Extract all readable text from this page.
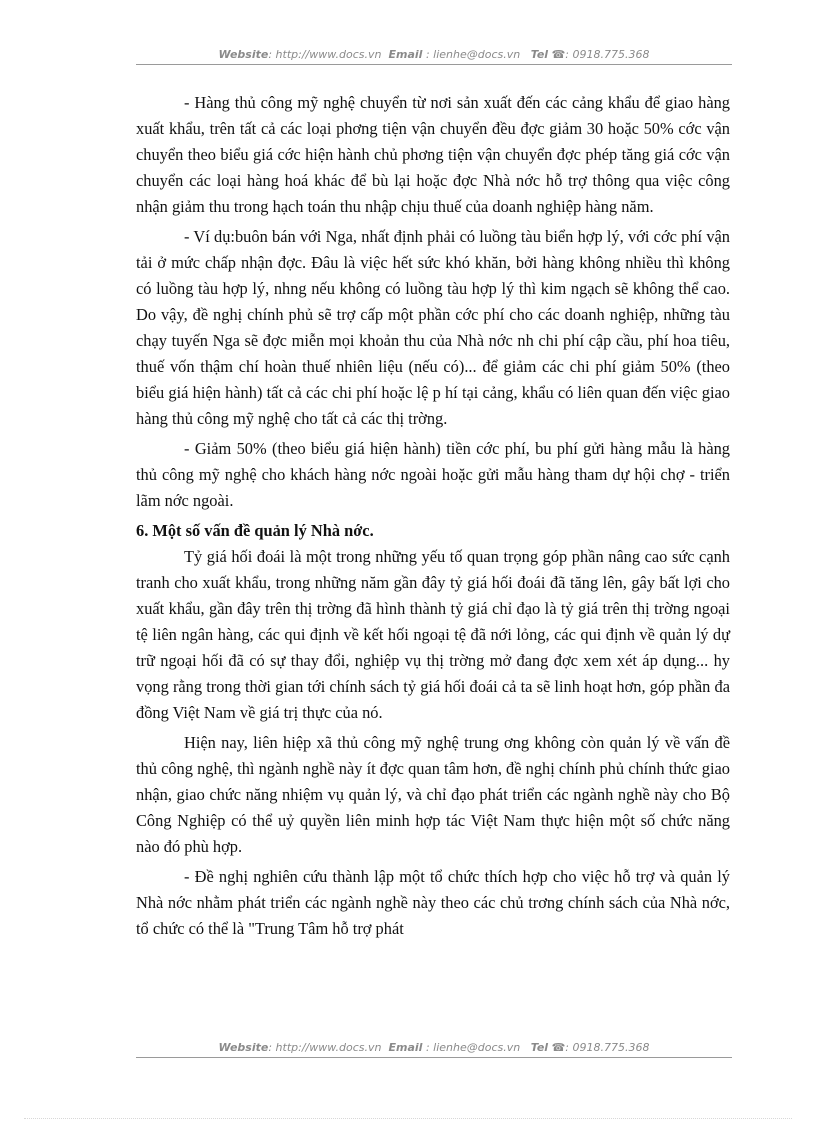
Website: http://www.docs.vn Email : lienhe@docs.vn Tel ☎: 0918.775.368

- Hàng thủ công mỹ nghệ chuyển từ nơi sản xuất đến các cảng khẩu để giao hàng xuất khẩu, trên tất cả các loại phơng tiện vận chuyển đều đợc giảm 30 hoặc 50% cớc vận chuyển theo biểu giá cớc hiện hành chủ phơng tiện vận chuyển đợc phép tăng giá cớc vận chuyển các loại hàng hoá khác để bù lại hoặc đợc Nhà nớc hỗ trợ thông qua việc công nhận giảm thu trong hạch toán thu nhập chịu thuế của doanh nghiệp hàng năm.

- Ví dụ:buôn bán với Nga, nhất định phải có luồng tàu biển hợp lý, với cớc phí vận tải ở mức chấp nhận đợc. Đâu là việc hết sức khó khăn, bởi hàng không nhiều thì không có luồng tàu hợp lý, nhng nếu không có luồng tàu hợp lý thì kim ngạch sẽ không thể cao. Do vậy, đề nghị chính phủ sẽ trợ cấp một phần cớc phí cho các doanh nghiệp, những tàu chạy tuyến Nga sẽ đợc miễn mọi khoản thu của Nhà nớc nh chi phí cập cầu, phí hoa tiêu, thuế vốn thậm chí hoàn thuế nhiên liệu (nếu có)... để giảm các chi phí giảm 50% (theo biểu giá hiện hành) tất cả các chi phí hoặc lệ p hí tại cảng, khẩu có liên quan đến việc giao hàng thủ công mỹ nghệ cho tất cả các thị trờng.

- Giảm 50% (theo biểu giá hiện hành) tiền cớc phí, bu phí gửi hàng mẫu là hàng thủ công mỹ nghệ cho khách hàng nớc ngoài hoặc gửi mẫu hàng tham dự hội chợ - triển lãm nớc ngoài.

6. Một số vấn đề quản lý Nhà nớc.

Tỷ giá hối đoái là một trong những yếu tố quan trọng góp phần nâng cao sức cạnh tranh cho xuất khẩu, trong những năm gần đây tỷ giá hối đoái đã tăng lên, gây bất lợi cho xuất khẩu, gần đây trên thị trờng đã hình thành tỷ giá chỉ đạo là tỷ giá trên thị trờng ngoại tệ liên ngân hàng, các qui định về kết hối ngoại tệ đã nới lỏng, các qui định về quản lý dự trữ ngoại hối đã có sự thay đổi, nghiệp vụ thị trờng mở đang đợc xem xét áp dụng... hy vọng rằng trong thời gian tới chính sách tỷ giá hối đoái cả ta sẽ linh hoạt hơn, góp phần đa đồng Việt Nam về giá trị thực của nó.

Hiện nay, liên hiệp xã thủ công mỹ nghệ trung ơng không còn quản lý về vấn đề thủ công nghệ, thì ngành nghề này ít đợc quan tâm hơn, đề nghị chính phủ chính thức giao nhận, giao chức năng nhiệm vụ quản lý, và chỉ đạo phát triển các ngành nghề này cho Bộ Công Nghiệp có thể uỷ quyền liên minh hợp tác Việt Nam thực hiện một số chức năng nào đó phù hợp.

- Đề nghị nghiên cứu thành lập một tổ chức thích hợp cho việc hỗ trợ và quản lý Nhà nớc nhằm phát triển các ngành nghề này theo các chủ trơng chính sách của Nhà nớc, tổ chức có thể là "Trung Tâm hỗ trợ phát

Website: http://www.docs.vn Email : lienhe@docs.vn Tel ☎: 0918.775.368
